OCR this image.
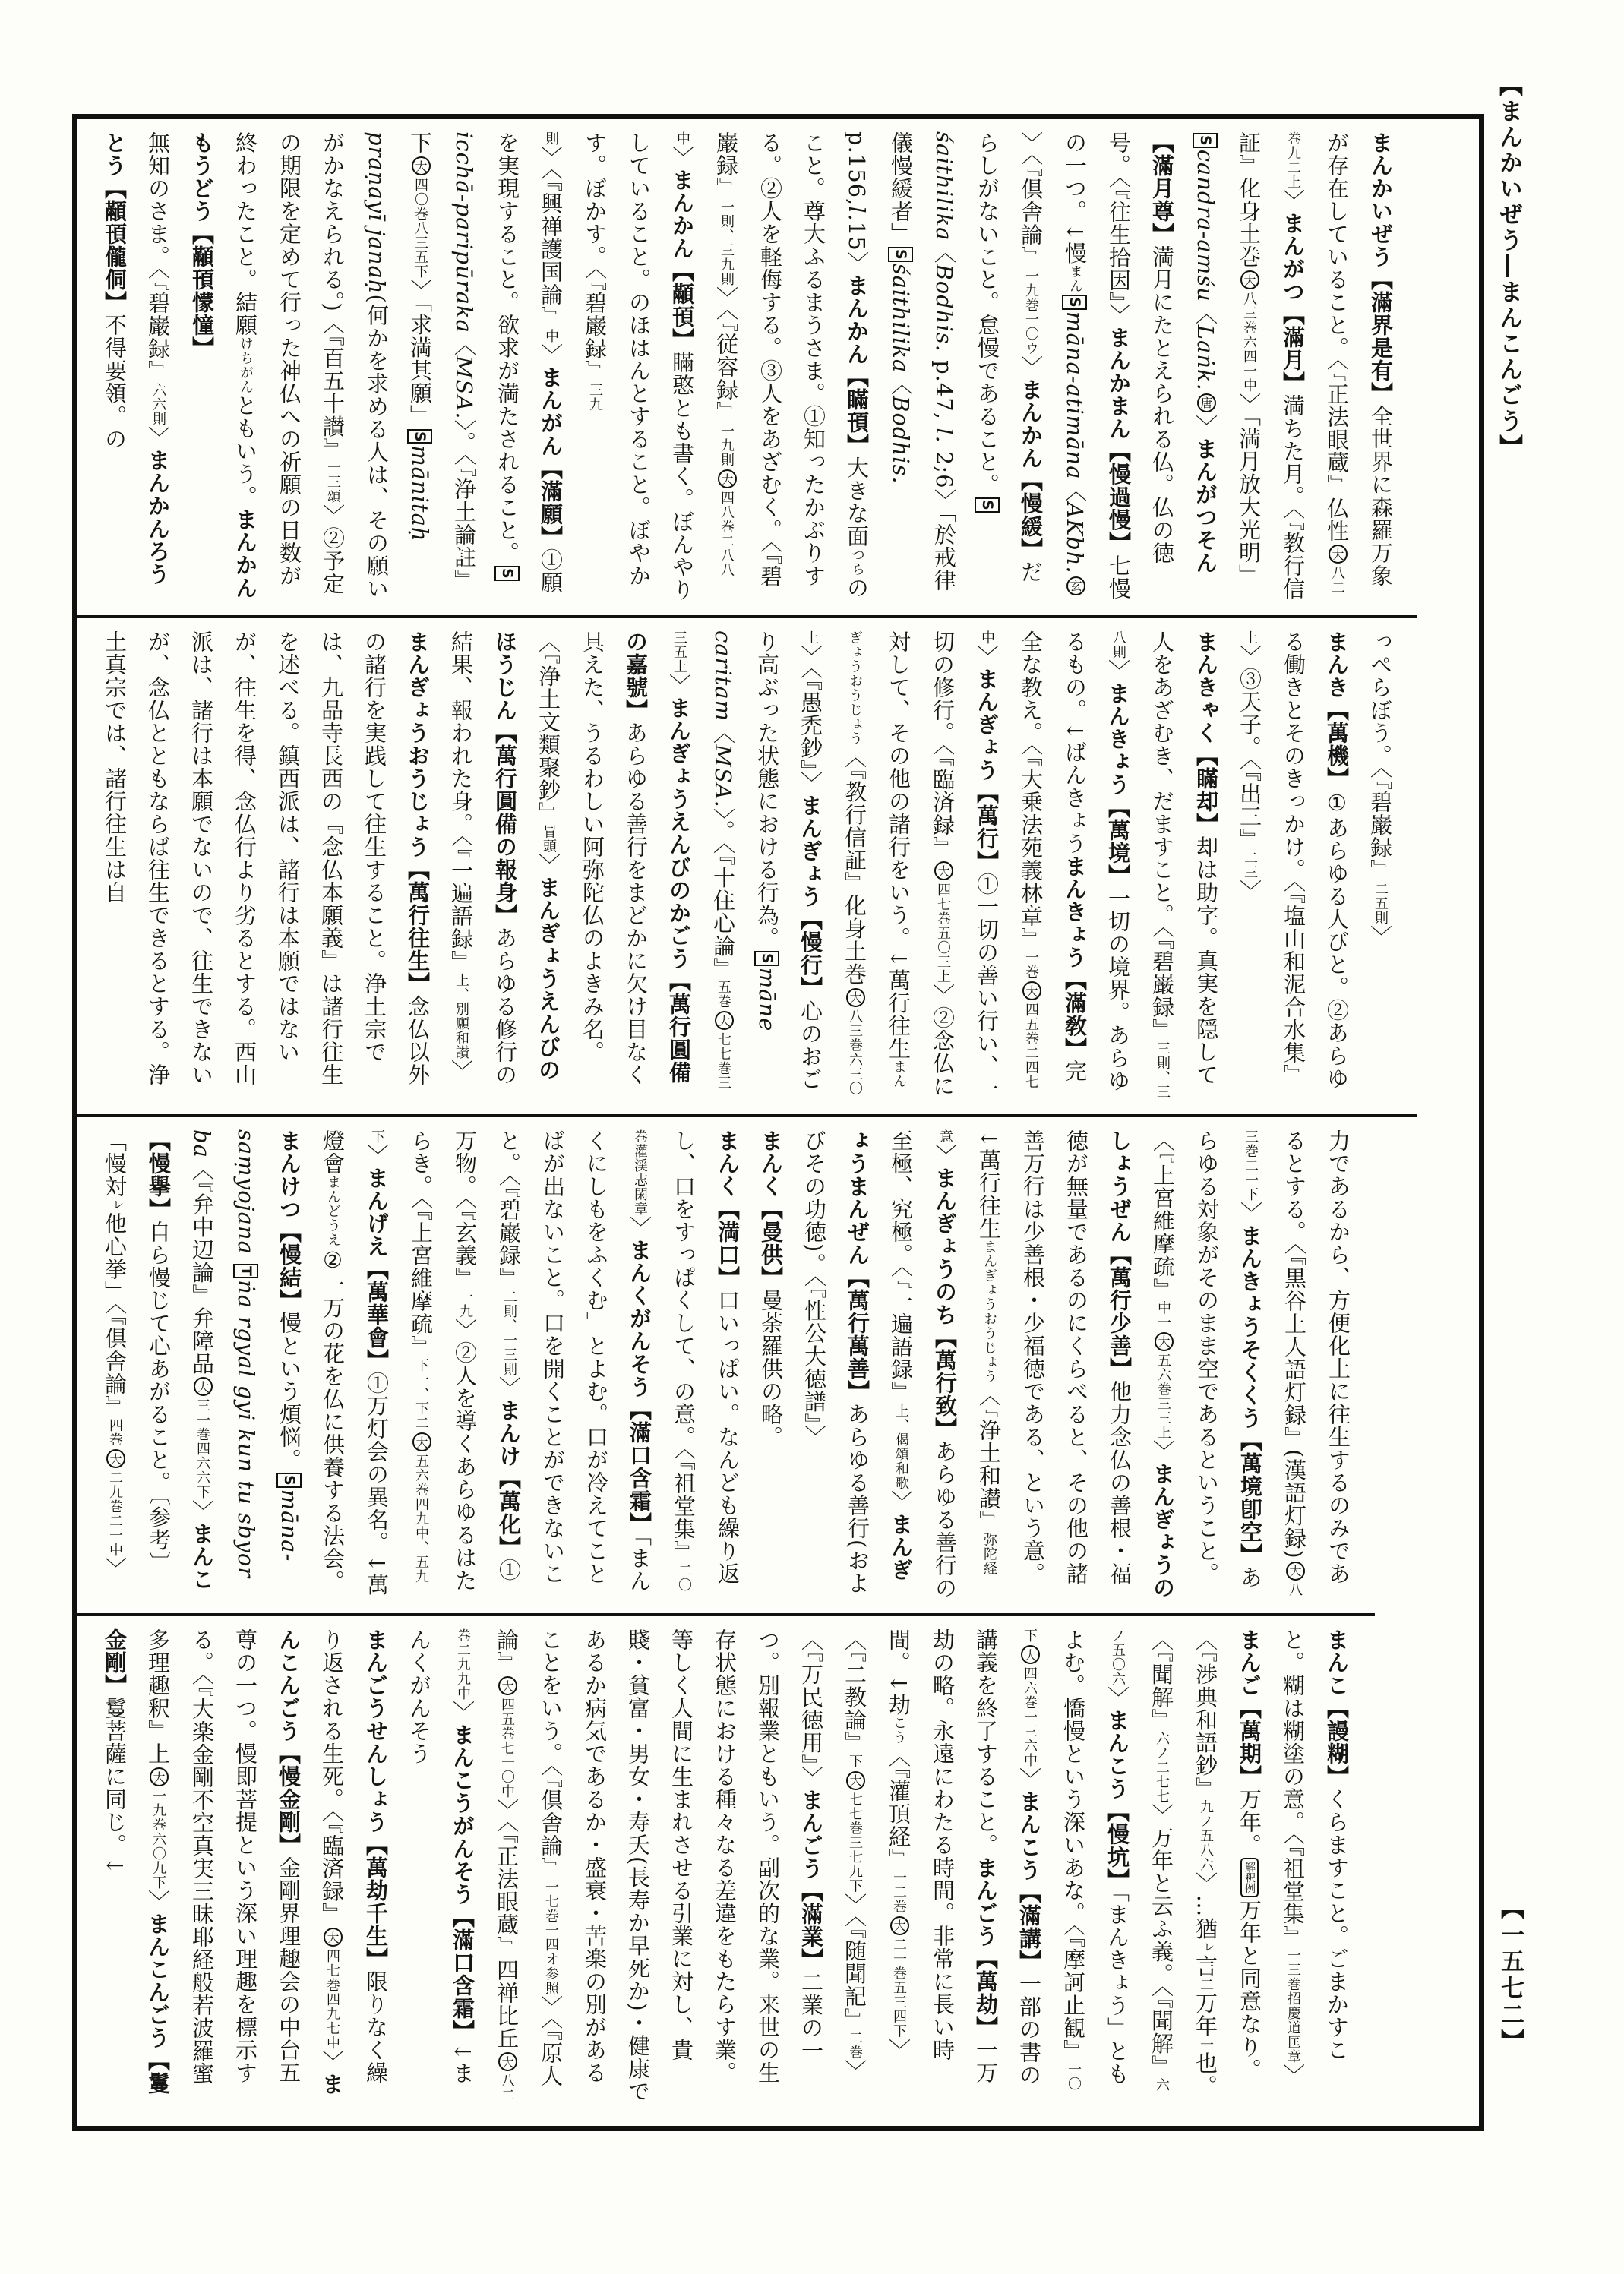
【まんかいぜう―まんこんごう】
【一五七二】
まんかいぜう【滿界是有】全世界に森羅万象が存在していること。〈『正法眼蔵』仏性大八二巻九二上〉まんがつ【滿月】満ちた月。〈『教行信証』化身土巻大八三巻六四一中〉「満月放大光明」Scandra-amśu〈Laṅk.唐〉まんがつそん【滿月尊】満月にたとえられる仏。仏の徳号。〈『往生拾因』〉まんかまん【慢過慢】七慢の一つ。↓慢まんSmāna-atimāna〈AKbh.玄〉〈『倶舎論』一九巻一〇ウ〉まんかん【慢緩】だらしがないこと。怠慢であること。Sśaithilika〈Bodhis. p.47, l. 2;6〉「於戒律儀慢緩者」Sśaithilika〈Bodhis. p.156,l.15〉まんかん【瞞頇】大きな面つらのこと。尊大ふるまうさま。①知ったかぶりする。②人を軽侮する。③人をあざむく。〈『碧巌録』一則、三九則〉〈『従容録』一九則大四八巻二八八中〉まんかん【顢頇】瞞憨とも書く。ぼんやりしていること。のほはんとすること。ぼやかす。ぼかす。〈『碧巌録』三九則〉〈『興禅護国論』中〉まんがん【滿願】①願を実現すること。欲求が満たされること。Sicchā-paripūraka〈MSA.〉。〈『浄土論註』下大四〇巻八三五下〉「求満其願」Smānitaḥ praṇayī janaḥ(何かを求める人は、その願いがかなえられる。)〈『百五十讃』一三頌〉②予定の期限を定めて行った神仏への祈願の日数が終わったこと。結願けちがんともいう。まんかんもうどう【顢頇懞憧】無知のさま。〈『碧巌録』六六則〉まんかんろうとう【顢頇儱侗】不得要領。の
っぺらぼう。〈『碧巌録』二五則〉まんき【萬機】①あらゆる人びと。②あらゆる働きとそのきっかけ。〈『塩山和泥合水集』上〉③天子。〈『出三』二三〉まんきゃく【瞞却】却は助字。真実を隠して人をあざむき、だますこと。〈『碧巌録』三則、三八則〉まんきょう【萬境】一切の境界。あらゆるもの。↓ばんきょうまんきょう【滿敎】完全な教え。〈『大乗法苑義林章』一巻大四五巻二四七中〉まんぎょう【萬行】①一切の善い行い、一切の修行。〈『臨済録』大四七巻五〇三上〉②念仏に対して、その他の諸行をいう。↓萬行往生まんぎょうおうじょう〈『教行信証』化身土巻大八三巻六三〇上〉〈『愚禿鈔』〉まんぎょう【慢行】心のおごり高ぶった状態における行為。Smāne caritam〈MSA.〉。〈『十住心論』五巻大七七巻三三五上〉まんぎょうえんびのかごう【萬行圓備の嘉號】あらゆる善行をまどかに欠け目なく具えた、うるわしい阿弥陀仏のよきみ名。〈『浄土文類聚鈔』冒頭〉まんぎょうえんびのほうじん【萬行圓備の報身】あらゆる修行の結果、報われた身。〈『一遍語録』上、別願和讃〉まんぎょうおうじょう【萬行往生】念仏以外の諸行を実践して往生すること。浄土宗では、九品寺長西の『念仏本願義』は諸行往生を述べる。鎮西派は、諸行は本願ではないが、往生を得、念仏行より劣るとする。西山派は、諸行は本願でないので、往生できないが、念仏とともならば往生できるとする。浄土真宗では、諸行往生は自
力であるから、方便化土に往生するのみであるとする。〈『黒谷上人語灯録』(漢語灯録)大八三巻二一下〉まんきょうそくくう【萬境卽空】あらゆる対象がそのまま空であるということ。〈『上宮維摩疏』中一大五六巻三三上〉まんぎょうのしょうぜん【萬行少善】他力念仏の善根・福徳が無量であるのにくらべると、その他の諸善万行は少善根・少福徳である、という意。↓萬行往生まんぎょうおうじょう〈『浄土和讃』弥陀経意〉まんぎょうのち【萬行致】あらゆる善行の至極、究極。〈『一遍語録』上、偈頌和歌〉まんぎょうまんぜん【萬行萬善】あらゆる善行(およびその功徳)。〈『性公大徳譜』〉まんく【曼供】曼荼羅供の略。まんく【満口】口いっぱい。なんども繰り返し、口をすっぱくして、の意。〈『祖堂集』二〇巻灌渓志閑章〉まんくがんそう【滿口含霜】「まんくにしもをふくむ」とよむ。口が冷えてことばが出ないこと。口を開くことができないこと。〈『碧巌録』二則、一三則〉まんけ【萬化】①万物。〈『玄義』一九〉②人を導くあらゆるはたらき。〈『上宮維摩疏』下一、下二大五六巻四九中、五九下〉まんげえ【萬華會】①万灯会の異名。↓萬燈會まんどうえ②一万の花を仏に供養する法会。まんけつ【慢結】慢という煩悩。Smāna-saṃyojana Tṅa rgyal gyi kun tu sbyor ba〈『弁中辺論』弁障品大三一巻四六六下〉まんこ【慢擧】自ら慢じて心あがること。〔参考〕「慢対ㇾ他心挙」〈『倶舎論』四巻大二九巻二一中〉
まんこ【謾糊】くらますこと。ごまかすこと。糊は糊塗の意。〈『祖堂集』一三巻招慶道匡章〉まんご【萬期】万年。解釈例万年と同意なり。〈『渉典和語鈔』九ノ五八六〉…猶ㇾ言二万年一也。〈『聞解』六ノ二七七〉万年と云ふ義。〈『聞解』六ノ五〇六〉まんこう【慢坑】「まんきょう」ともよむ。憍慢という深いあな。〈『摩訶止観』一〇下大四六巻一三六中〉まんこう【滿講】一部の書の講義を終了すること。まんごう【萬劫】一万劫の略。永遠にわたる時間。非常に長い時間。↓劫こう〈『灌頂経』一二巻大二一巻五三四下〉〈『二教論』下大七七巻三七九下〉〈『随聞記』二巻〉〈『万民徳用』〉まんごう【滿業】二業の一つ。別報業ともいう。副次的な業。来世の生存状態における種々なる差違をもたらす業。等しく人間に生まれさせる引業に対し、貴賤・貧富・男女・寿夭(長寿か早死か)・健康であるか病気であるか・盛衰・苦楽の別があることをいう。〈『倶舎論』一七巻一四オ参照〉〈『原人論』大四五巻七一〇中〉〈『正法眼蔵』四禅比丘大八二巻二九九中〉まんこうがんそう【滿口含霜】↓まんくがんそうまんごうせんしょう【萬劫千生】限りなく繰り返される生死。〈『臨済録』大四七巻四九七中〉まんこんごう【慢金剛】金剛界理趣会の中台五尊の一つ。慢即菩提という深い理趣を標示する。〈『大楽金剛不空真実三昧耶経般若波羅蜜多理趣釈』上大一九巻六〇九下〉まんこんごう【鬘金剛】鬘菩薩に同じ。↓
